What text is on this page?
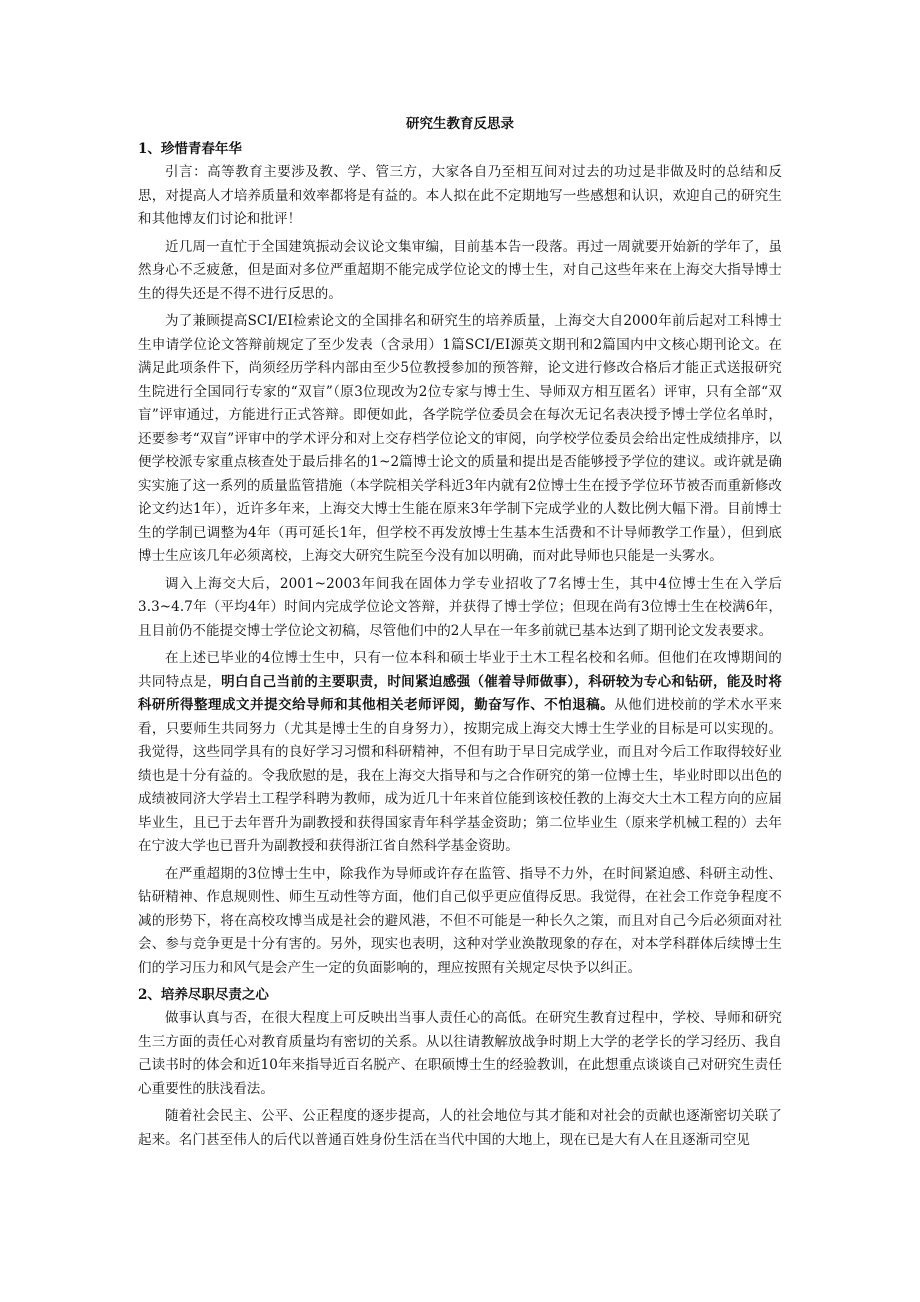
研究生教育反思录
1、珍惜青春年华

引言：高等教育主要涉及教、学、管三方，大家各自乃至相互间对过去的功过是非做及时的总结和反思，对提高人才培养质量和效率都将是有益的。本人拟在此不定期地写一些感想和认识，欢迎自己的研究生和其他博友们讨论和批评！

近几周一直忙于全国建筑振动会议论文集审编，目前基本告一段落。再过一周就要开始新的学年了，虽然身心不乏疲惫，但是面对多位严重超期不能完成学位论文的博士生，对自己这些年来在上海交大指导博士生的得失还是不得不进行反思的。

为了兼顾提高SCI/EI检索论文的全国排名和研究生的培养质量，上海交大自2000年前后起对工科博士生申请学位论文答辩前规定了至少发表（含录用）1篇SCI/EI源英文期刊和2篇国内中文核心期刊论文。在满足此项条件下，尚须经历学科内部由至少5位教授参加的预答辩，论文进行修改合格后才能正式送报研究生院进行全国同行专家的“双盲”（原3位现改为2位专家与博士生、导师双方相互匿名）评审，只有全部“双盲”评审通过，方能进行正式答辩。即便如此，各学院学位委员会在每次无记名表决授予博士学位名单时，还要参考“双盲”评审中的学术评分和对上交存档学位论文的审阅，向学校学位委员会给出定性成绩排序，以便学校派专家重点核查处于最后排名的1~2篇博士论文的质量和提出是否能够授予学位的建议。或许就是确实实施了这一系列的质量监管措施（本学院相关学科近3年内就有2位博士生在授予学位环节被否而重新修改论文约达1年），近许多年来，上海交大博士生能在原来3年学制下完成学业的人数比例大幅下滑。目前博士生的学制已调整为4年（再可延长1年，但学校不再发放博士生基本生活费和不计导师教学工作量），但到底博士生应该几年必须离校，上海交大研究生院至今没有加以明确，而对此导师也只能是一头雾水。

调入上海交大后，2001~2003年间我在固体力学专业招收了7名博士生，其中4位博士生在入学后3.3~4.7年（平均4年）时间内完成学位论文答辩，并获得了博士学位；但现在尚有3位博士生在校满6年，且目前仍不能提交博士学位论文初稿，尽管他们中的2人早在一年多前就已基本达到了期刊论文发表要求。

在上述已毕业的4位博士生中，只有一位本科和硕士毕业于土木工程名校和名师。但他们在攻博期间的共同特点是，明白自己当前的主要职责，时间紧迫感强（催着导师做事），科研较为专心和钻研，能及时将科研所得整理成文并提交给导师和其他相关老师评阅，勤奋写作、不怕退稿。从他们进校前的学术水平来看，只要师生共同努力（尤其是博士生的自身努力），按期完成上海交大博士生学业的目标是可以实现的。我觉得，这些同学具有的良好学习习惯和科研精神，不但有助于早日完成学业，而且对今后工作取得较好业绩也是十分有益的。令我欣慰的是，我在上海交大指导和与之合作研究的第一位博士生，毕业时即以出色的成绩被同济大学岩土工程学科聘为教师，成为近几十年来首位能到该校任教的上海交大土木工程方向的应届毕业生，且已于去年晋升为副教授和获得国家青年科学基金资助；第二位毕业生（原来学机械工程的）去年在宁波大学也已晋升为副教授和获得浙江省自然科学基金资助。

在严重超期的3位博士生中，除我作为导师或许存在监管、指导不力外，在时间紧迫感、科研主动性、钻研精神、作息规则性、师生互动性等方面，他们自己似乎更应值得反思。我觉得，在社会工作竞争程度不减的形势下，将在高校攻博当成是社会的避风港，不但不可能是一种长久之策，而且对自己今后必须面对社会、参与竞争更是十分有害的。另外，现实也表明，这种对学业涣散现象的存在，对本学科群体后续博士生们的学习压力和风气是会产生一定的负面影响的，理应按照有关规定尽快予以纠正。

2、培养尽职尽责之心

做事认真与否，在很大程度上可反映出当事人责任心的高低。在研究生教育过程中，学校、导师和研究生三方面的责任心对教育质量均有密切的关系。从以往请教解放战争时期上大学的老学长的学习经历、我自己读书时的体会和近10年来指导近百名脱产、在职硕博士生的经验教训，在此想重点谈谈自己对研究生责任心重要性的肤浅看法。

随着社会民主、公平、公正程度的逐步提高，人的社会地位与其才能和对社会的贡献也逐渐密切关联了起来。名门甚至伟人的后代以普通百姓身份生活在当代中国的大地上，现在已是大有人在且逐渐司空见
